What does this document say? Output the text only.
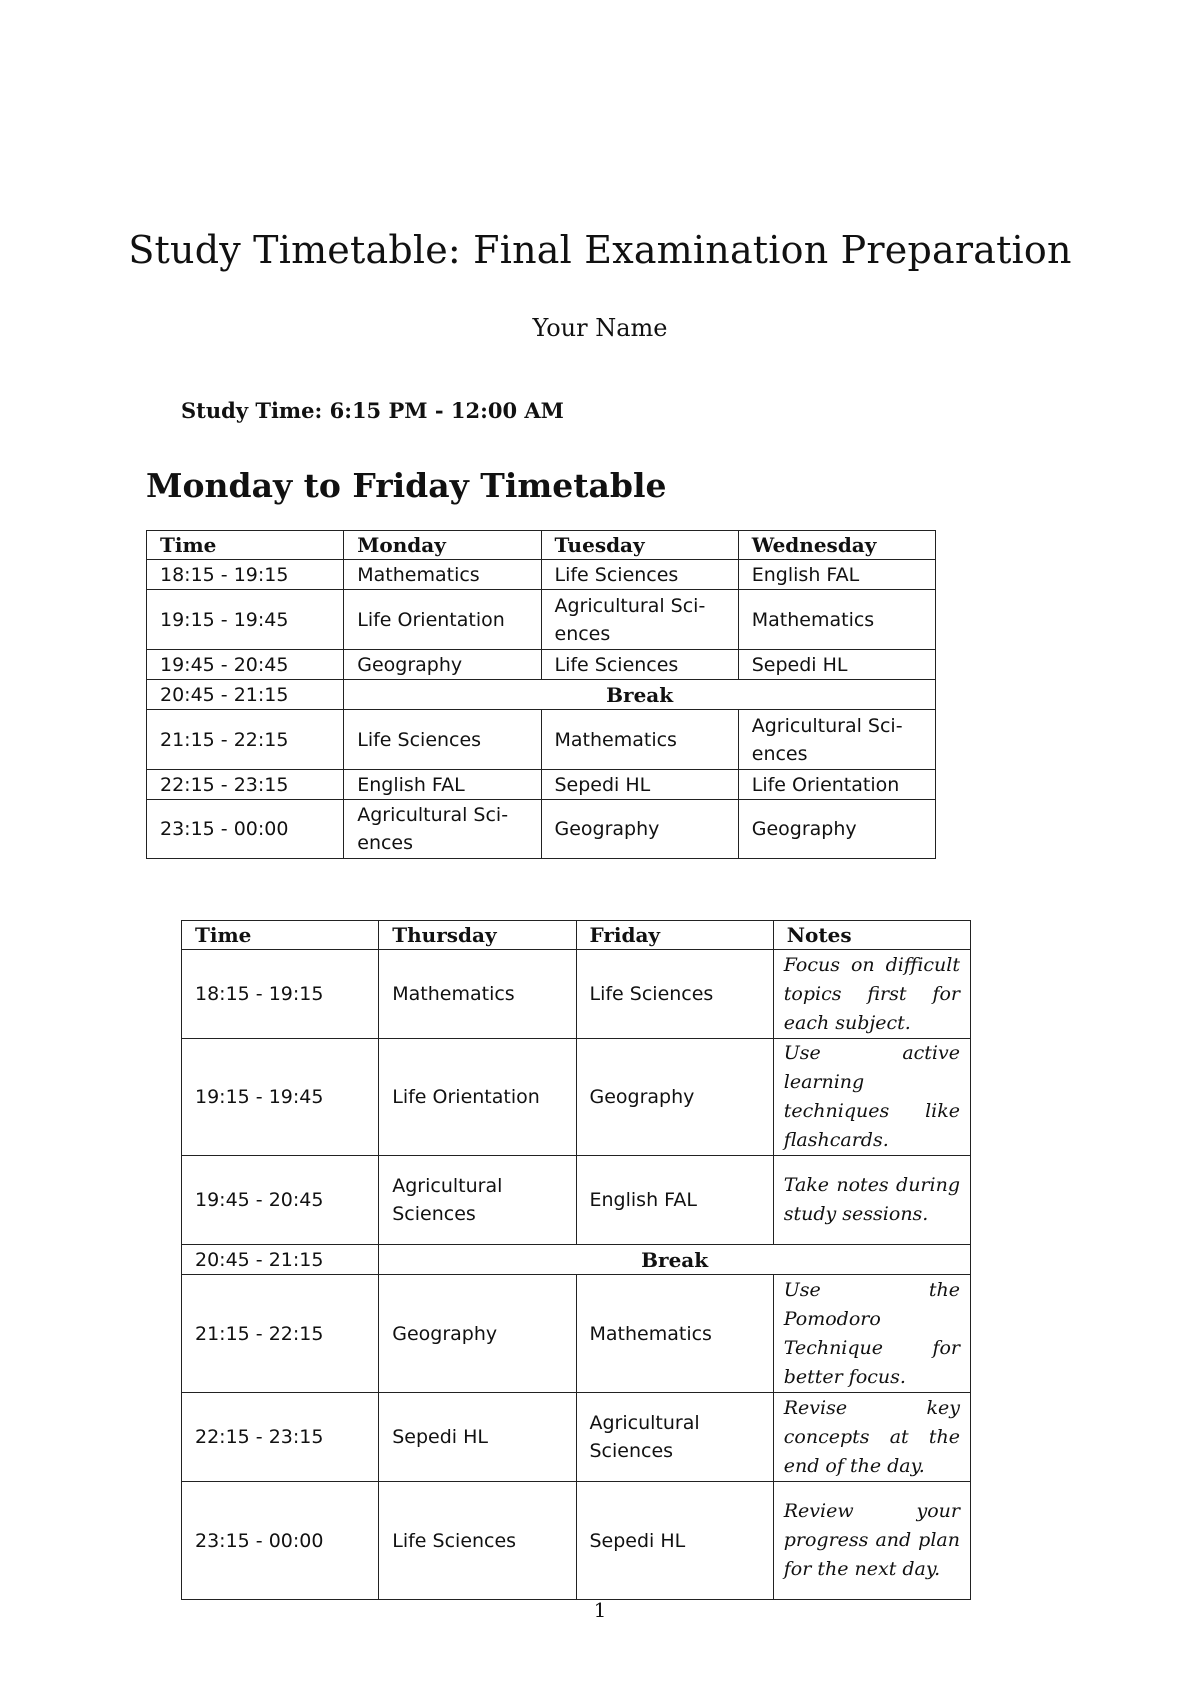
Study Timetable: Final Examination Preparation
Your Name
Study Time: 6:15 PM - 12:00 AM
Monday to Friday Timetable
Time	Monday	Tuesday	Wednesday
18:15 - 19:15	Mathematics	Life Sciences	English FAL
19:15 - 19:45	Life Orientation	Agricultural Sci- ences	Mathematics
19:45 - 20:45	Geography	Life Sciences	Sepedi HL
20:45 - 21:15	Break		
21:15 - 22:15	Life Sciences	Mathematics	Agricultural Sci- ences
22:15 - 23:15	English FAL	Sepedi HL	Life Orientation
23:15 - 00:00	Agricultural Sci- ences	Geography	Geography
Time	Thursday	Friday	Notes
18:15 - 19:15	Mathematics	Life Sciences	Focus on difficult topics first for each subject.
19:15 - 19:45	Life Orientation	Geography	Use active learning techniques like flashcards.
19:45 - 20:45	Agricultural Sciences	English FAL	Take notes during study sessions.
20:45 - 21:15	Break		
21:15 - 22:15	Geography	Mathematics	Use the Pomodoro Technique for better focus.
22:15 - 23:15	Sepedi HL	Agricultural Sciences	Revise key concepts at the end of the day.
23:15 - 00:00	Life Sciences	Sepedi HL	Review your progress and plan for the next day.
1
